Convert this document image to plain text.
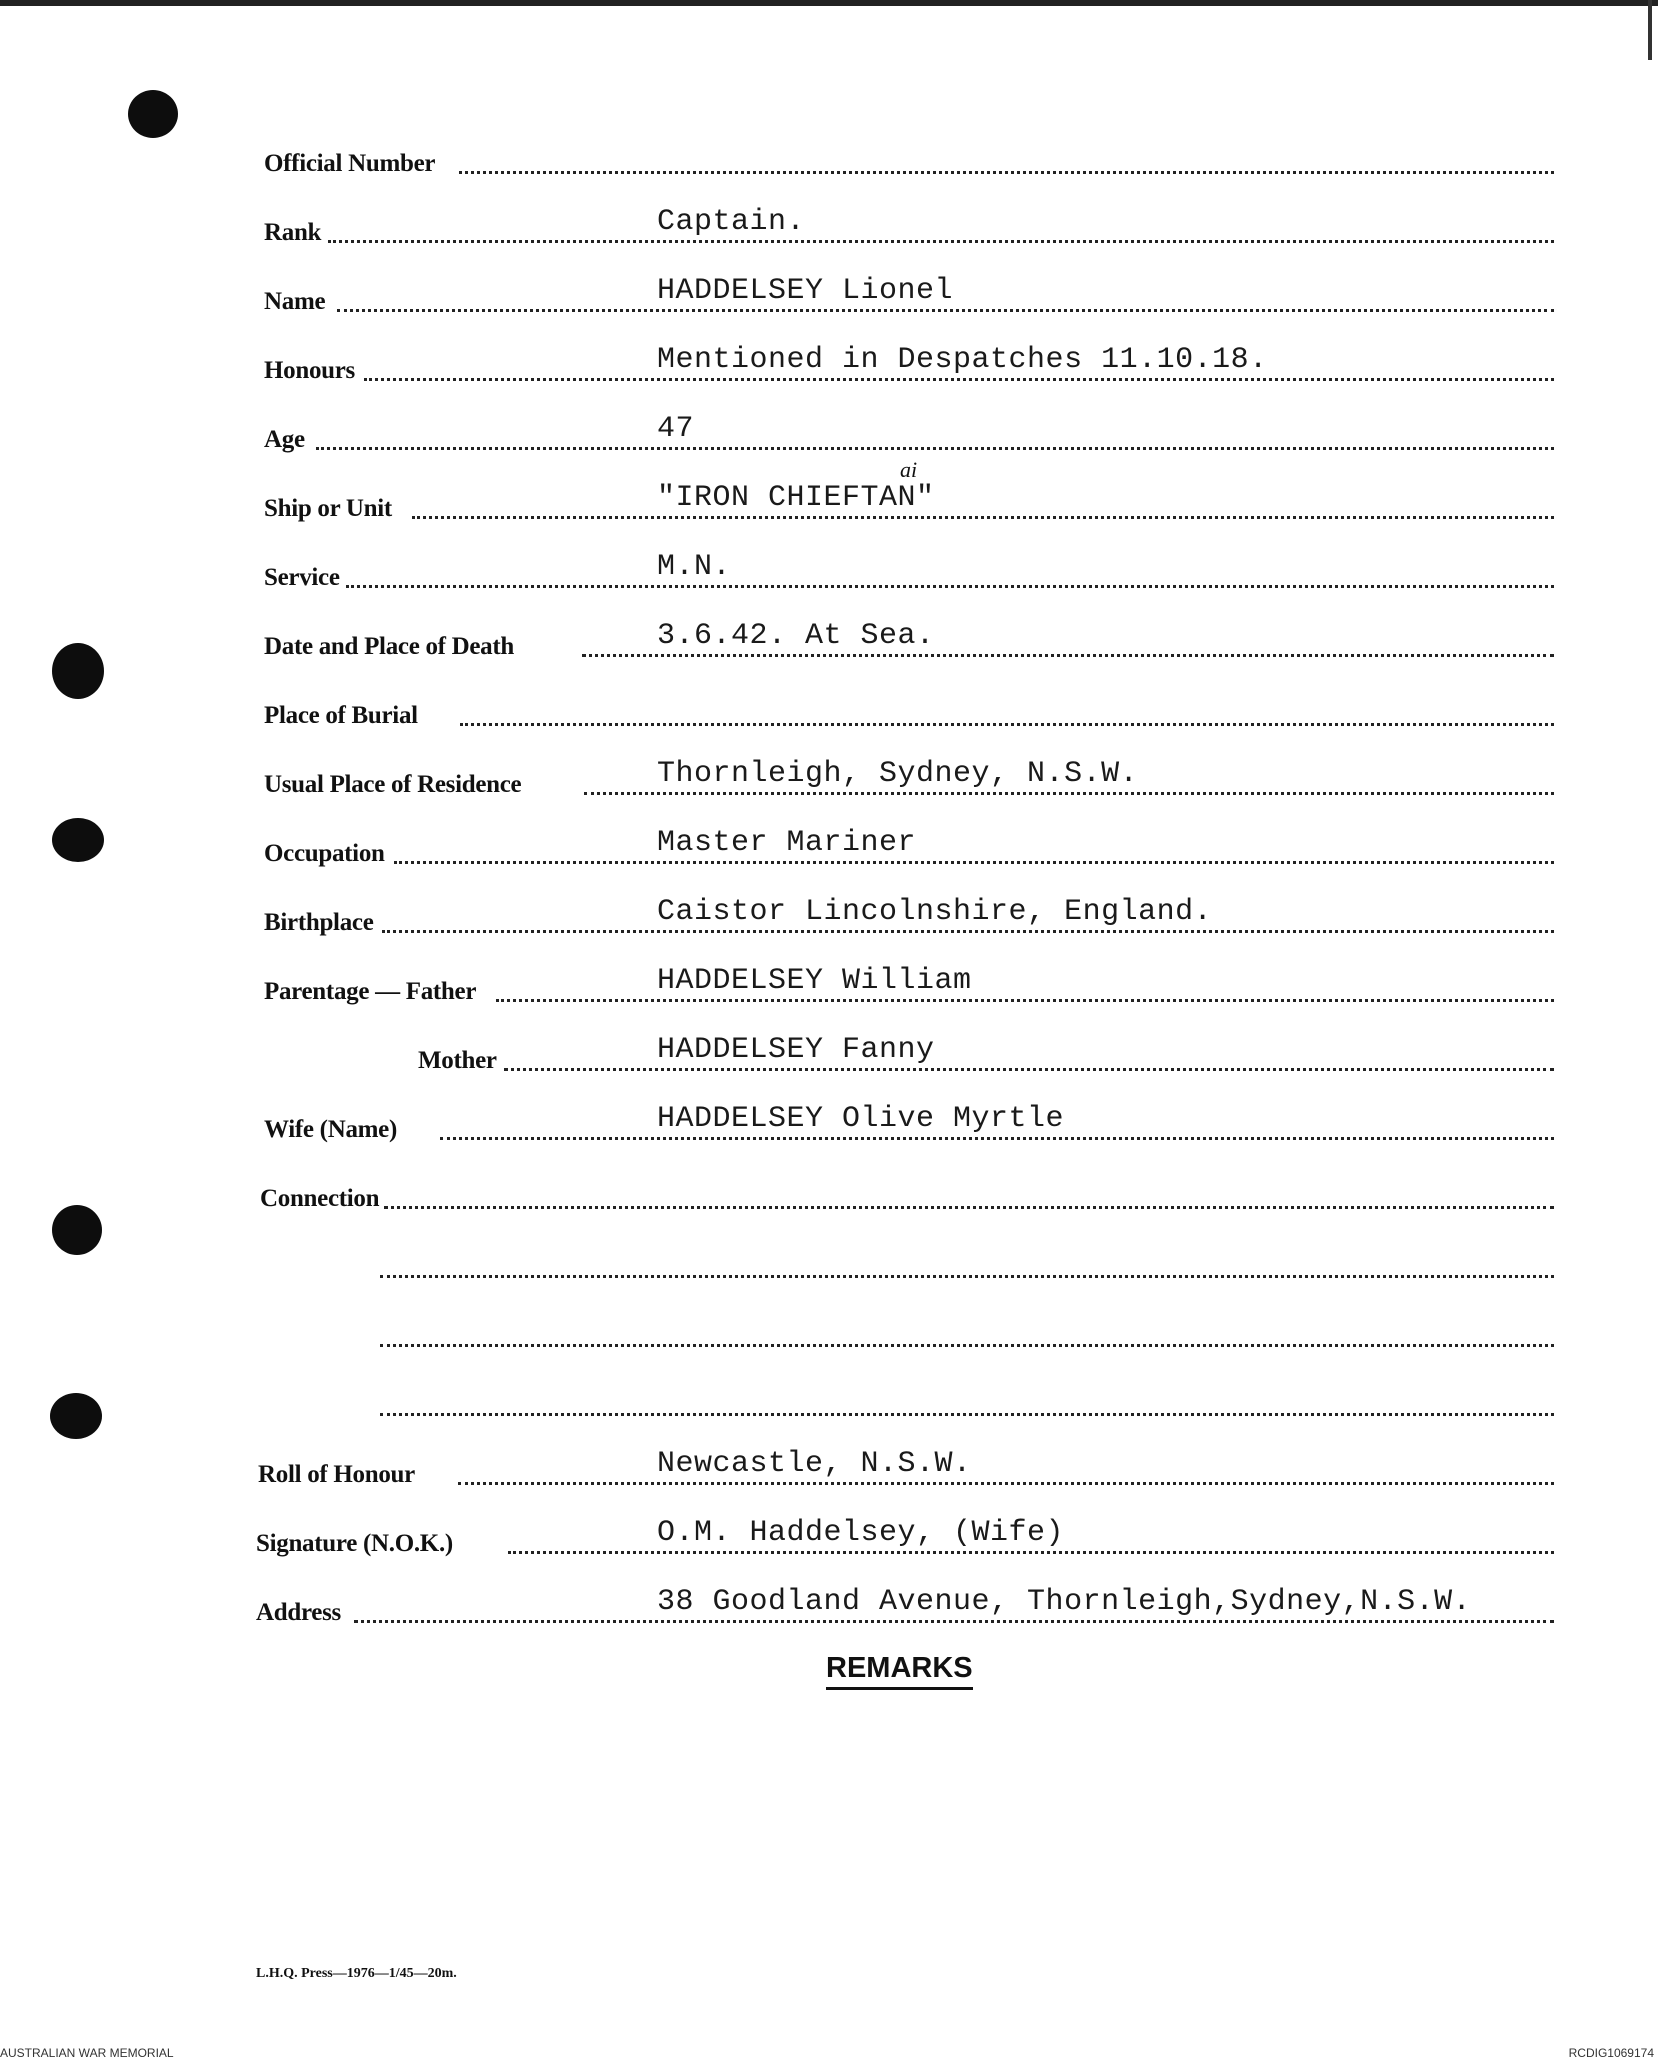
Official Number
Rank	Captain.
Name	HADDELSEY Lionel
Honours	Mentioned in Despatches 11.10.18.
Age	47
Ship or Unit	"IRON CHIEFTAN"
ai
Service	M.N.
Date and Place of Death	3.6.42. At Sea.
Place of Burial
Usual Place of Residence	Thornleigh, Sydney, N.S.W.
Occupation	Master Mariner
Birthplace	Caistor Lincolnshire, England.
Parentage — Father	HADDELSEY William
Mother	HADDELSEY Fanny
Wife (Name)	HADDELSEY Olive Myrtle
Connection
Roll of Honour	Newcastle, N.S.W.
Signature (N.O.K.)	O.M. Haddelsey, (Wife)
Address	38 Goodland Avenue, Thornleigh,Sydney,N.S.W.
REMARKS
L.H.Q. Press—1976—1/45—20m.
AUSTRALIAN WAR MEMORIAL	RCDIG1069174
